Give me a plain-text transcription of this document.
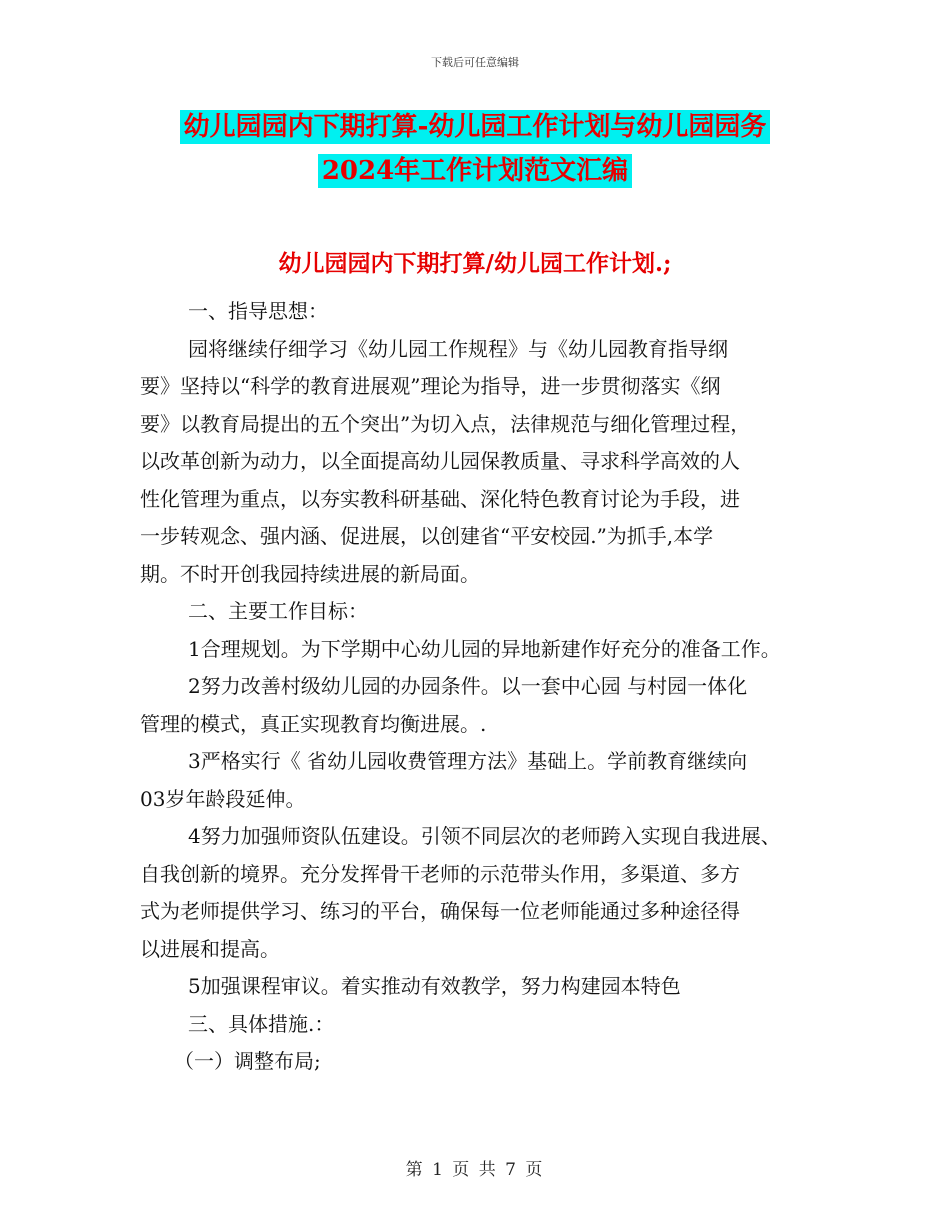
下载后可任意编辑
幼儿园园内下期打算-幼儿园工作计划与幼儿园园务
2024年工作计划范文汇编
幼儿园园内下期打算/幼儿园工作计划.;
一、指导思想：
园将继续仔细学习《幼儿园工作规程》与《幼儿园教育指导纲
要》坚持以“科学的教育进展观”理论为指导，进一步贯彻落实《纲
要》以教育局提出的五个突出”为切入点，法律规范与细化管理过程，
以改革创新为动力，以全面提高幼儿园保教质量、寻求科学高效的人
性化管理为重点，以夯实教科研基础、深化特色教育讨论为手段，进
一步转观念、强内涵、促进展，以创建省“平安校园.”为抓手,本学
期。不时开创我园持续进展的新局面。
二、主要工作目标：
1合理规划。为下学期中心幼儿园的异地新建作好充分的准备工作。
2努力改善村级幼儿园的办园条件。以一套中心园 与村园一体化
管理的模式，真正实现教育均衡进展。.
3严格实行《 省幼儿园收费管理方法》基础上。学前教育继续向
03岁年龄段延伸。
4努力加强师资队伍建设。引领不同层次的老师跨入实现自我进展、
自我创新的境界。充分发挥骨干老师的示范带头作用，多渠道、多方
式为老师提供学习、练习的平台，确保每一位老师能通过多种途径得
以进展和提高。
5加强课程审议。着实推动有效教学，努力构建园本特色
三、具体措施.：
（一）调整布局;
第 1 页 共 7 页
